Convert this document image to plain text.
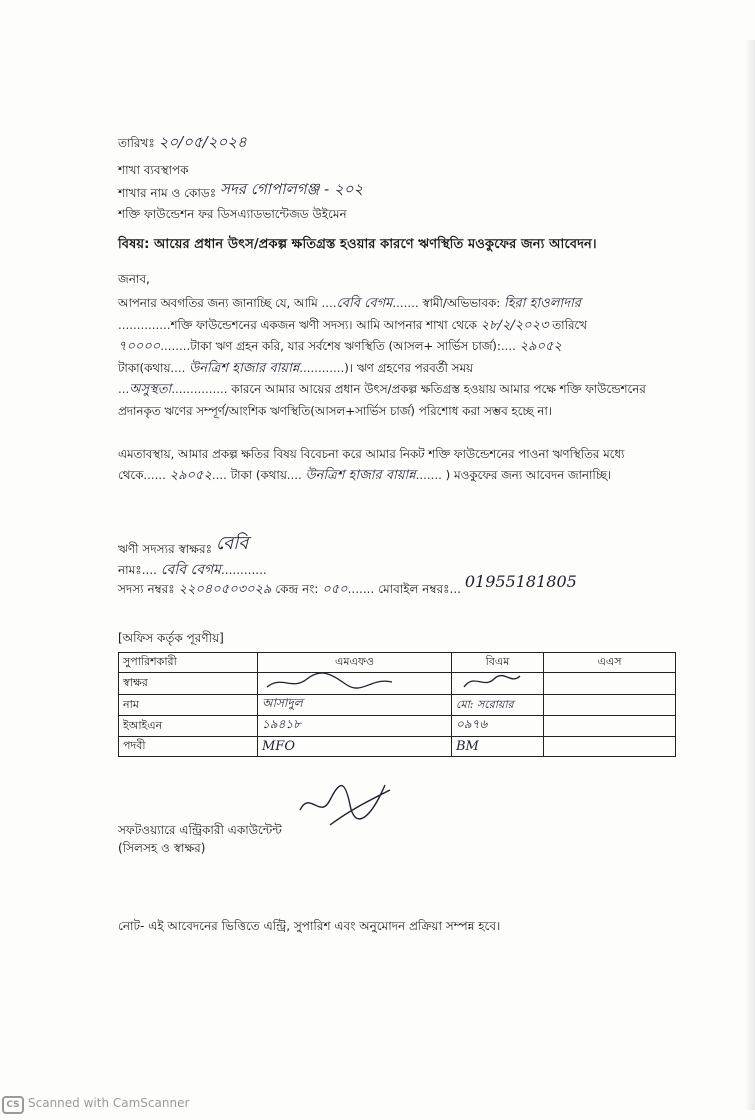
তারিখঃ ২০/০৫/২০২৪
শাখা ব্যবস্থাপক
শাখার নাম ও কোডঃ সদর গোপালগঞ্জ - ২০২
শক্তি ফাউন্ডেশন ফর ডিসএ্যাডভান্টেজড উইমেন
বিষয়: আয়ের প্রধান উৎস/প্রকল্প ক্ষতিগ্রস্ত হওয়ার কারণে ঋণস্থিতি মওকুফের জন্য আবেদন।
জনাব,
আপনার অবগতির জন্য জানাচ্ছি যে, আমি ....বেবি বেগম....... স্বামী/অভিভাবক: হিরা হাওলাদার
..............শক্তি ফাউন্ডেশনের একজন ঋণী সদস্য। আমি আপনার শাখা থেকে ২৮/২/২০২৩ তারিখে
৭০০০০........টাকা ঋণ গ্রহন করি, যার সর্বশেষ ঋণস্থিতি (আসল+ সার্ভিস চার্জ):.... ২৯০৫২
টাকা(কথায়.... উনত্রিশ হাজার বায়ান্ন............)। ঋণ গ্রহণের পরবর্তী সময়
...অসুস্থতা............... কারনে আমার আয়ের প্রধান উৎস/প্রকল্প ক্ষতিগ্রস্ত হওয়ায় আমার পক্ষে শক্তি ফাউন্ডেশনের প্রদানকৃত ঋণের সম্পূর্ণ/আংশিক ঋণস্থিতি(আসল+সার্ভিস চার্জ) পরিশোধ করা সম্ভব হচ্ছে না।
এমতাবস্থায়, আমার প্রকল্প ক্ষতির বিষয় বিবেচনা করে আমার নিকট শক্তি ফাউন্ডেশনের পাওনা ঋণস্থিতির মধ্যে থেকে...... ২৯০৫২.... টাকা (কথায়.... উনত্রিশ হাজার বায়ান্ন....... ) মওকুফের জন্য আবেদন জানাচ্ছি।
ঋণী সদস্যর স্বাক্ষরঃ বেবি
নামঃ.... বেবি বেগম............
সদস্য নম্বরঃ ২২০৪০৫০৩০২৯ কেন্দ্র নং: ০৫০....... মোবাইল নম্বরঃ... 01955181805
[অফিস কর্তৃক পূরণীয়]
সুপারিশকারী	এমএফও	বিএম	এএস
স্বাক্ষর			
নাম	আসাদুল	মো: সরোয়ার	
ইআইএন	১৯৪১৮	০৯৭৬	
পদবী	MFO	BM	
সফটওয়্যারে এন্ট্রিকারী একাউন্টেন্ট
(সিলসহ ও স্বাক্ষর)
নোট- এই আবেদনের ভিত্তিতে এন্ট্রি, সুপারিশ এবং অনুমোদন প্রক্রিয়া সম্পন্ন হবে।
CS Scanned with CamScanner
